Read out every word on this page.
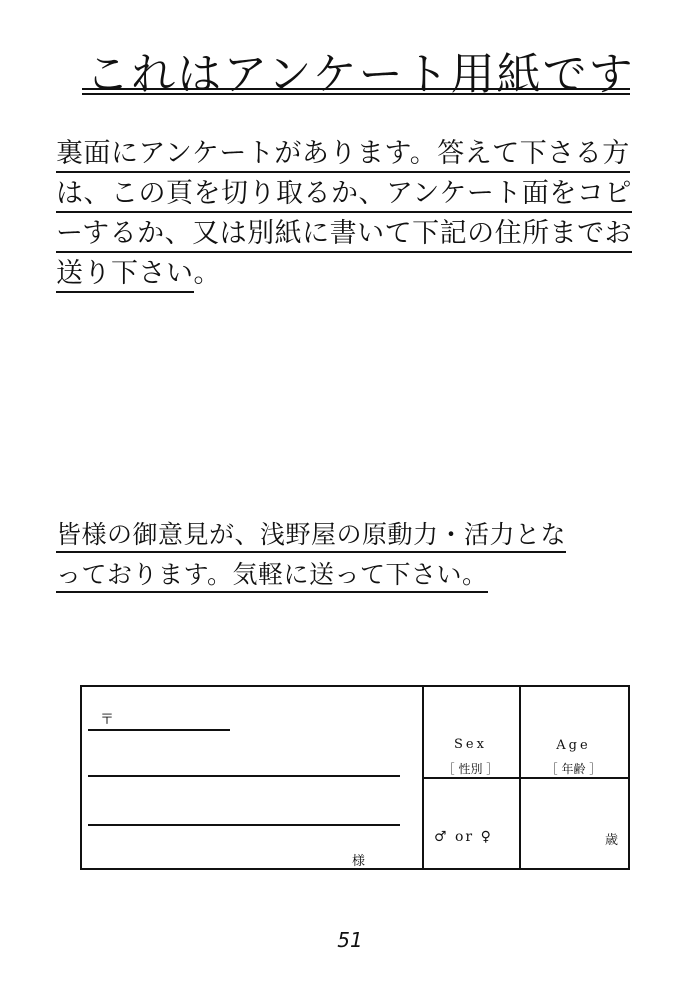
これはアンケート用紙です
裏面にアンケートがあります。答えて下さる方
は、この頁を切り取るか、アンケート面をコピ
ーするか、又は別紙に書いて下記の住所までお
送り下さい。
皆様の御意見が、浅野屋の原動力・活力とな
っております。気軽に送って下さい。
〒
様
Sex
［ 性別 ］
♂ or ♀
Age
［ 年齢 ］
歳
51
